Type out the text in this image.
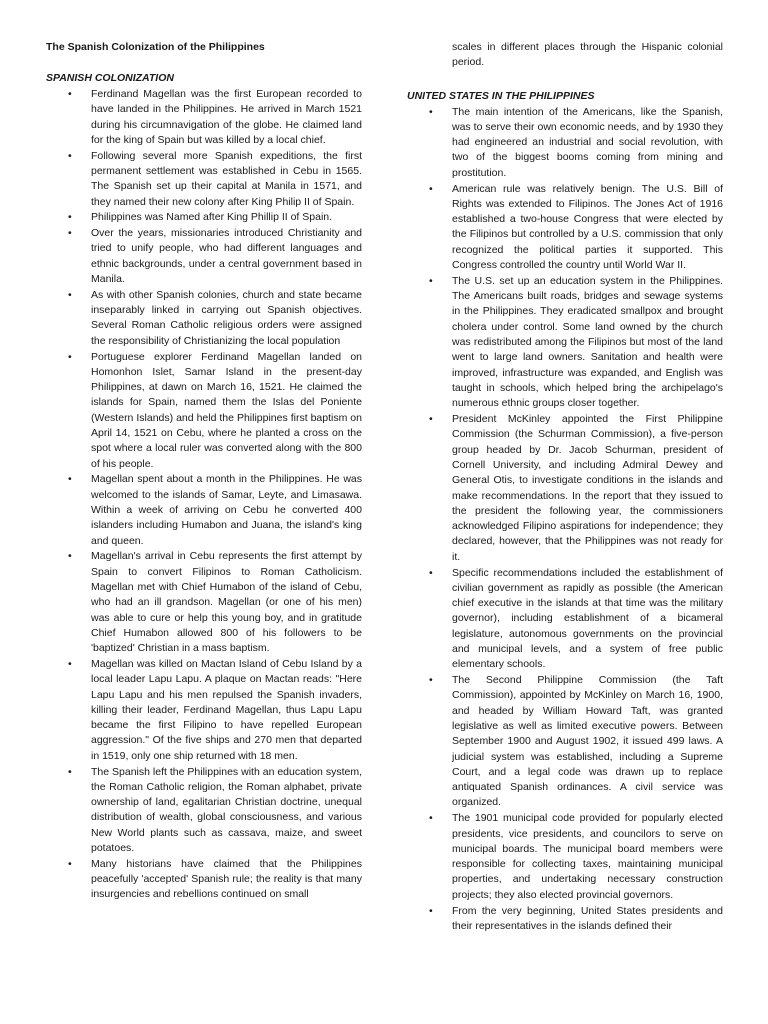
The Spanish Colonization of the Philippines
SPANISH COLONIZATION
• Ferdinand Magellan was the first European recorded to have landed in the Philippines. He arrived in March 1521 during his circumnavigation of the globe. He claimed land for the king of Spain but was killed by a local chief.
• Following several more Spanish expeditions, the first permanent settlement was established in Cebu in 1565. The Spanish set up their capital at Manila in 1571, and they named their new colony after King Philip II of Spain.
• Philippines was Named after King Phillip II of Spain.
• Over the years, missionaries introduced Christianity and tried to unify people, who had different languages and ethnic backgrounds, under a central government based in Manila.
• As with other Spanish colonies, church and state became inseparably linked in carrying out Spanish objectives. Several Roman Catholic religious orders were assigned the responsibility of Christianizing the local population
• Portuguese explorer Ferdinand Magellan landed on Homonhon Islet, Samar Island in the present-day Philippines, at dawn on March 16, 1521. He claimed the islands for Spain, named them the Islas del Poniente (Western Islands) and held the Philippines first baptism on April 14, 1521 on Cebu, where he planted a cross on the spot where a local ruler was converted along with the 800 of his people.
• Magellan spent about a month in the Philippines. He was welcomed to the islands of Samar, Leyte, and Limasawa. Within a week of arriving on Cebu he converted 400 islanders including Humabon and Juana, the island's king and queen.
• Magellan's arrival in Cebu represents the first attempt by Spain to convert Filipinos to Roman Catholicism. Magellan met with Chief Humabon of the island of Cebu, who had an ill grandson. Magellan (or one of his men) was able to cure or help this young boy, and in gratitude Chief Humabon allowed 800 of his followers to be 'baptized' Christian in a mass baptism.
• Magellan was killed on Mactan Island of Cebu Island by a local leader Lapu Lapu. A plaque on Mactan reads: "Here Lapu Lapu and his men repulsed the Spanish invaders, killing their leader, Ferdinand Magellan, thus Lapu Lapu became the first Filipino to have repelled European aggression." Of the five ships and 270 men that departed in 1519, only one ship returned with 18 men.
• The Spanish left the Philippines with an education system, the Roman Catholic religion, the Roman alphabet, private ownership of land, egalitarian Christian doctrine, unequal distribution of wealth, global consciousness, and various New World plants such as cassava, maize, and sweet potatoes.
• Many historians have claimed that the Philippines peacefully 'accepted' Spanish rule; the reality is that many insurgencies and rebellions continued on small
scales in different places through the Hispanic colonial period.
UNITED STATES IN THE PHILIPPINES
• The main intention of the Americans, like the Spanish, was to serve their own economic needs, and by 1930 they had engineered an industrial and social revolution, with two of the biggest booms coming from mining and prostitution.
• American rule was relatively benign. The U.S. Bill of Rights was extended to Filipinos. The Jones Act of 1916 established a two-house Congress that were elected by the Filipinos but controlled by a U.S. commission that only recognized the political parties it supported. This Congress controlled the country until World War II.
• The U.S. set up an education system in the Philippines. The Americans built roads, bridges and sewage systems in the Philippines. They eradicated smallpox and brought cholera under control. Some land owned by the church was redistributed among the Filipinos but most of the land went to large land owners. Sanitation and health were improved, infrastructure was expanded, and English was taught in schools, which helped bring the archipelago's numerous ethnic groups closer together.
• President McKinley appointed the First Philippine Commission (the Schurman Commission), a five-person group headed by Dr. Jacob Schurman, president of Cornell University, and including Admiral Dewey and General Otis, to investigate conditions in the islands and make recommendations. In the report that they issued to the president the following year, the commissioners acknowledged Filipino aspirations for independence; they declared, however, that the Philippines was not ready for it.
• Specific recommendations included the establishment of civilian government as rapidly as possible (the American chief executive in the islands at that time was the military governor), including establishment of a bicameral legislature, autonomous governments on the provincial and municipal levels, and a system of free public elementary schools.
• The Second Philippine Commission (the Taft Commission), appointed by McKinley on March 16, 1900, and headed by William Howard Taft, was granted legislative as well as limited executive powers. Between September 1900 and August 1902, it issued 499 laws. A judicial system was established, including a Supreme Court, and a legal code was drawn up to replace antiquated Spanish ordinances. A civil service was organized.
• The 1901 municipal code provided for popularly elected presidents, vice presidents, and councilors to serve on municipal boards. The municipal board members were responsible for collecting taxes, maintaining municipal properties, and undertaking necessary construction projects; they also elected provincial governors.
• From the very beginning, United States presidents and their representatives in the islands defined their
